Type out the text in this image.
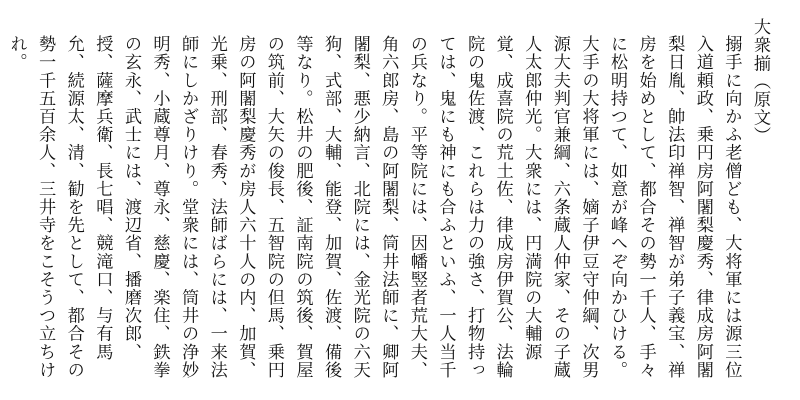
大衆揃（原文）
搦手に向かふ老僧ども、大将軍には源三位入道頼政、乗円房阿闍梨慶秀、律成房阿闍梨日胤、帥法印禅智、禅智が弟子義宝、禅房を始めとして、都合その勢一千人、手々に松明持つて、如意が峰へぞ向かひける。
大手の大将軍には、嫡子伊豆守仲綱、次男源大夫判官兼綱、六条蔵人仲家、その子蔵人太郎仲光。大衆には、円満院の大輔源覚、成喜院の荒土佐、律成房伊賀公、法輪院の鬼佐渡、これらは力の強さ、打物持っては、鬼にも神にも合ふといふ、一人当千の兵なり。平等院には、因幡竪者荒大夫、角六郎房、島の阿闍梨、筒井法師に、卿阿闍梨、悪少納言、北院には、金光院の六天狗、式部、大輔、能登、加賀、佐渡、備後等なり。松井の肥後、証南院の筑後、賀屋の筑前、大矢の俊長、五智院の但馬、乗円房の阿闍梨慶秀が房人六十人の内、加賀、光乗、刑部、春秀、法師ばらには、一来法師にしかざりけり。堂衆には、筒井の浄妙明秀、小蔵尊月、尊永、慈慶、楽住、鉄拳の玄永、武士には、渡辺省、播磨次郎、授、薩摩兵衛、長七唱、競滝口、与有馬允、続源太、清、勧を先として、都合その勢一千五百余人、三井寺をこそうつ立ちけれ。
